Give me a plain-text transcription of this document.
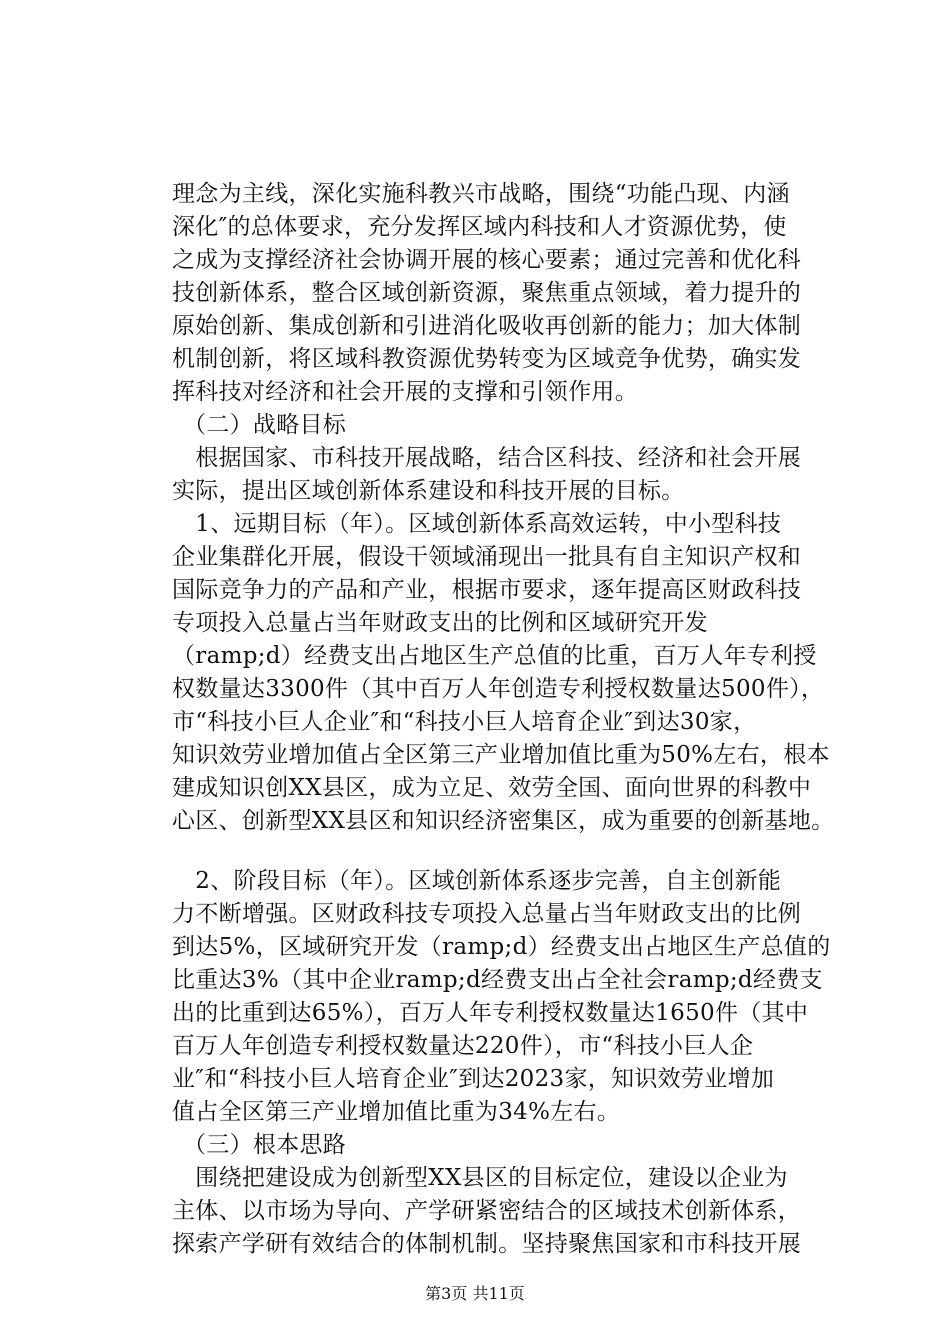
理念为主线，深化实施科教兴市战略，围绕“功能凸现、内涵
深化″的总体要求，充分发挥区域内科技和人才资源优势，使
之成为支撑经济社会协调开展的核心要素；通过完善和优化科
技创新体系，整合区域创新资源，聚焦重点领域，着力提升的
原始创新、集成创新和引进消化吸收再创新的能力；加大体制
机制创新，将区域科教资源优势转变为区域竞争优势，确实发
挥科技对经济和社会开展的支撑和引领作用。
（二）战略目标
　根据国家、市科技开展战略，结合区科技、经济和社会开展
实际，提出区域创新体系建设和科技开展的目标。
　1、远期目标（年）。区域创新体系高效运转，中小型科技
企业集群化开展，假设干领域涌现出一批具有自主知识产权和
国际竞争力的产品和产业，根据市要求，逐年提高区财政科技
专项投入总量占当年财政支出的比例和区域研究开发
（ramp;d）经费支出占地区生产总值的比重，百万人年专利授
权数量达3300件（其中百万人年创造专利授权数量达500件），
市“科技小巨人企业″和“科技小巨人培育企业″到达30家，
知识效劳业增加值占全区第三产业增加值比重为50%左右，根本
建成知识创XX县区，成为立足、效劳全国、面向世界的科教中
心区、创新型XX县区和知识经济密集区，成为重要的创新基地。
　2、阶段目标（年）。区域创新体系逐步完善，自主创新能
力不断增强。区财政科技专项投入总量占当年财政支出的比例
到达5%，区域研究开发（ramp;d）经费支出占地区生产总值的
比重达3%（其中企业ramp;d经费支出占全社会ramp;d经费支
出的比重到达65%），百万人年专利授权数量达1650件（其中
百万人年创造专利授权数量达220件），市“科技小巨人企
业″和“科技小巨人培育企业″到达2023家，知识效劳业增加
值占全区第三产业增加值比重为34%左右。
（三）根本思路
　围绕把建设成为创新型XX县区的目标定位，建设以企业为
主体、以市场为导向、产学研紧密结合的区域技术创新体系，
探索产学研有效结合的体制机制。坚持聚焦国家和市科技开展
第3页 共11页
